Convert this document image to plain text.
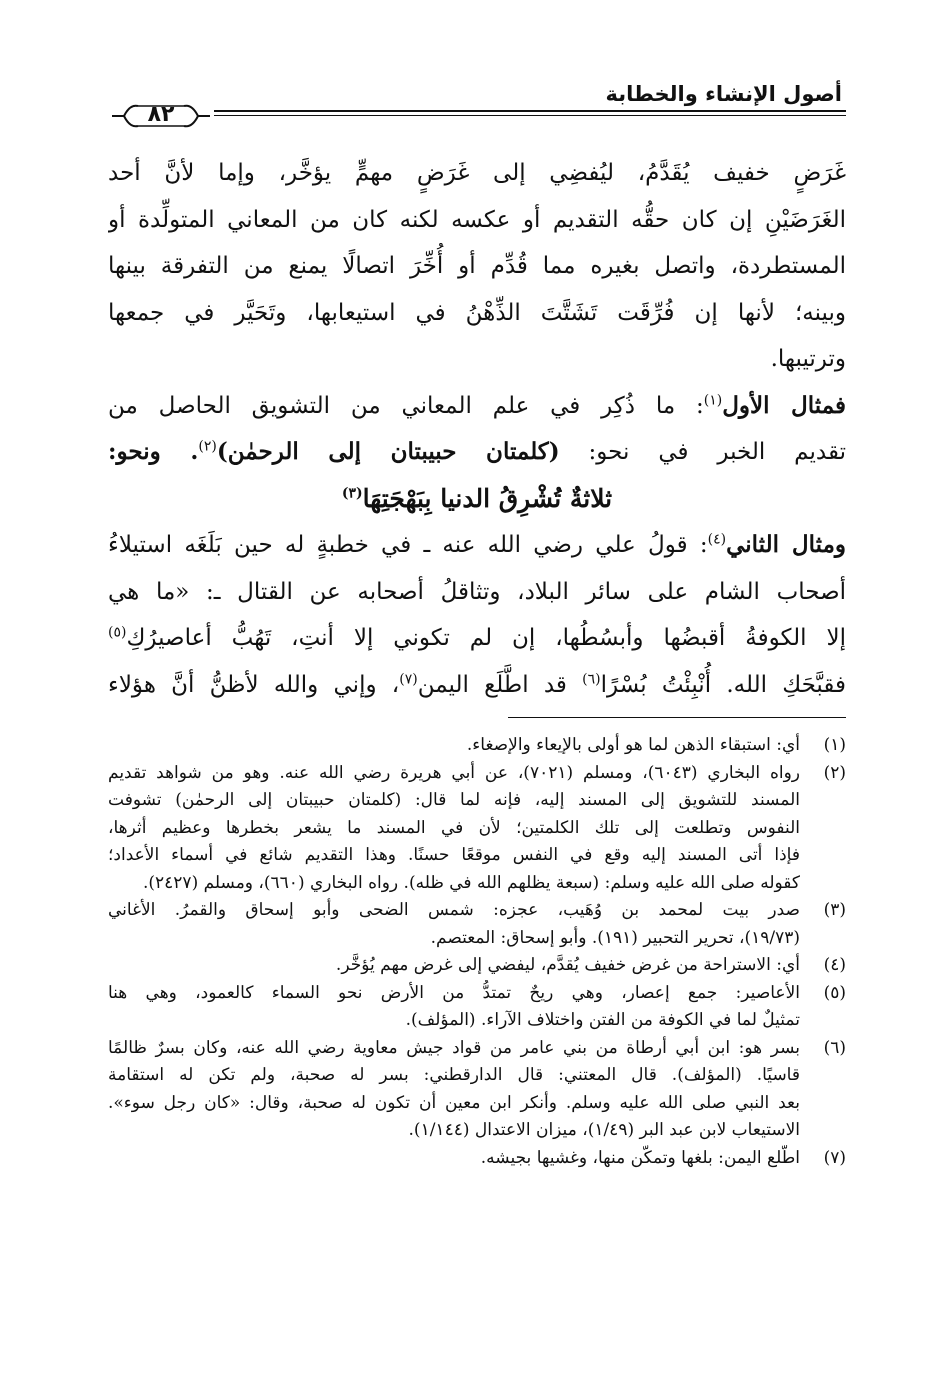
أصول الإنشاء والخطابة
٨٢
غَرَضٍ خفيف يُقَدَّمُ، ليُفضِي إلى غَرَضٍ مهمٍّ يؤخَّر، وإما لأنَّ أحد
الغَرَضَيْنِ إن كان حقُّه التقديم أو عكسه لكنه كان من المعاني المتولِّدة أو
المستطردة، واتصل بغيره مما قُدِّم أو أُخِّرَ اتصالًا يمنع من التفرقة بينها
وبينه؛ لأنها إن فُرِّقَت تَشَتَّتَ الذِّهْنُ في استيعابها، وتَحَيَّر في جمعها
وترتيبها.
فمثال الأول$^{(١)}$: ما ذُكِر في علم المعاني من التشويق الحاصل من
تقديم الخبر في نحو: (كلمتان حبيبتان إلى الرحمٰن)$^{(٢)}$. ونحو:
ثلاثةٌ تُشْرِقُ الدنيا بِبَهْجَتِهَا$^{(٣)}$
ومثال الثاني$^{(٤)}$: قولُ علي رضي الله عنه ـ في خطبةٍ له حين بَلَغَه استيلاءُ
أصحاب الشام على سائر البلاد، وتثاقلُ أصحابه عن القتال ـ: «ما هي
إلا الكوفةُ أقبضُها وأبسُطُها، إن لم تكوني إلا أنتِ، تَهُبُّ أعاصيرُكِ$^{(٥)}$
فقبَّحَكِ الله. أُنْبِئْتُ بُسْرًا$^{(٦)}$ قد اطَّلَع اليمن$^{(٧)}$، وإني والله لأظنُّ أنَّ هؤلاء
(١)
أي: استبقاء الذهن لما هو أولى بالإيعاء والإصغاء.
(٢)
رواه البخاري (٦٠٤٣)، ومسلم (٧٠٢١)، عن أبي هريرة رضي الله عنه. وهو من شواهد تقديم
المسند للتشويق إلى المسند إليه، فإنه لما قال: (كلمتان حبيبتان إلى الرحمٰن) تشوفت
النفوس وتطلعت إلى تلك الكلمتين؛ لأن في المسند ما يشعر بخطرها وعظيم أثرها،
فإذا أتى المسند إليه وقع في النفس موقعًا حسنًا. وهذا التقديم شائع في أسماء الأعداد؛
كقوله صلى الله عليه وسلم: (سبعة يظلهم الله في ظله). رواه البخاري (٦٦٠)، ومسلم (٢٤٢٧).
(٣)
صدر بيت لمحمد بن وُهَيب، عجزه: شمس الضحى وأبو إسحاق والقمرُ. الأغاني
(١٩/٧٣)، تحرير التحبير (١٩١). وأبو إسحاق: المعتصم.
(٤)
أي: الاستراحة من غرض خفيف يُقدَّم، ليفضي إلى غرض مهم يُؤخَّر.
(٥)
الأعاصير: جمع إعصار، وهي ريحٌ تمتدُّ من الأرض نحو السماء كالعمود، وهي هنا
تمثيلٌ لما في الكوفة من الفتن واختلاف الآراء. (المؤلف).
(٦)
بسر هو: ابن أبي أرطاة من بني عامر من قواد جيش معاوية رضي الله عنه، وكان بسرٌ ظالمًا
قاسيًا. (المؤلف). قال المعتني: قال الدارقطني: بسر له صحبة، ولم تكن له استقامة
بعد النبي صلى الله عليه وسلم. وأنكر ابن معين أن تكون له صحبة، وقال: «كان رجل سوء».
الاستيعاب لابن عبد البر (١/٤٩)، ميزان الاعتدال (١/١٤٤).
(٧)
اطَّلع اليمن: بلغها وتمكَّن منها، وغشيها بجيشه.
